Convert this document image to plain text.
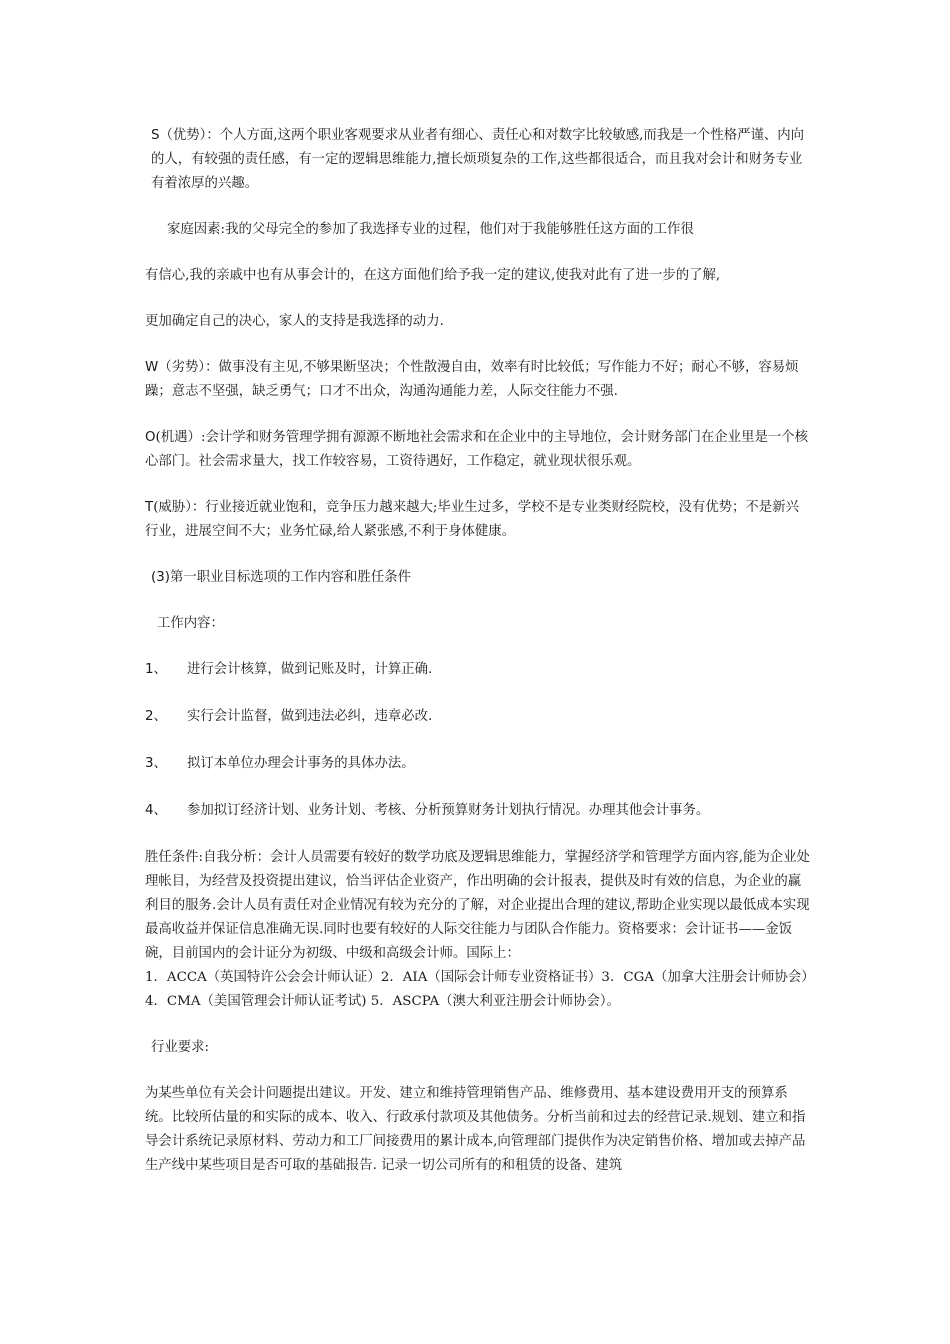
S（优势）：个人方面,这两个职业客观要求从业者有细心、责任心和对数字比较敏感,而我是一个性格严谨、内向的人，有较强的责任感，有一定的逻辑思维能力,擅长烦琐复杂的工作,这些都很适合，而且我对会计和财务专业有着浓厚的兴趣。

家庭因素:我的父母完全的参加了我选择专业的过程，他们对于我能够胜任这方面的工作很

有信心,我的亲戚中也有从事会计的，在这方面他们给予我一定的建议,使我对此有了进一步的了解,

更加确定自己的决心，家人的支持是我选择的动力.

W（劣势）：做事没有主见,不够果断坚决；个性散漫自由，效率有时比较低；写作能力不好；耐心不够，容易烦躁；意志不坚强，缺乏勇气；口才不出众，沟通沟通能力差，人际交往能力不强.

O(机遇）:会计学和财务管理学拥有源源不断地社会需求和在企业中的主导地位，会计财务部门在企业里是一个核心部门。社会需求量大，找工作较容易，工资待遇好，工作稳定，就业现状很乐观。

T(威胁）：行业接近就业饱和，竞争压力越来越大;毕业生过多，学校不是专业类财经院校，没有优势；不是新兴行业，进展空间不大；业务忙碌,给人紧张感,不利于身体健康。

(3)第一职业目标选项的工作内容和胜任条件

工作内容：

1、	进行会计核算，做到记账及时，计算正确.
2、	实行会计监督，做到违法必纠，违章必改.
3、	拟订本单位办理会计事务的具体办法。
4、	参加拟订经济计划、业务计划、考核、分析预算财务计划执行情况。办理其他会计事务。

胜任条件:自我分析：会计人员需要有较好的数学功底及逻辑思维能力，掌握经济学和管理学方面内容,能为企业处理帐目，为经营及投资提出建议，恰当评估企业资产，作出明确的会计报表，提供及时有效的信息，为企业的赢利目的服务.会计人员有责任对企业情况有较为充分的了解，对企业提出合理的建议,帮助企业实现以最低成本实现最高收益并保证信息准确无误.同时也要有较好的人际交往能力与团队合作能力。资格要求：会计证书——金饭碗，目前国内的会计证分为初级、中级和高级会计师。国际上：

1．ACCA（英国特许公会会计师认证）2．AIA（国际会计师专业资格证书）3．CGA（加拿大注册会计师协会）4．CMA（美国管理会计师认证考试) 5．ASCPA（澳大利亚注册会计师协会）。

行业要求:

为某些单位有关会计问题提出建议。开发、建立和维持管理销售产品、维修费用、基本建设费用开支的预算系统。比较所估量的和实际的成本、收入、行政承付款项及其他债务。分析当前和过去的经营记录.规划、建立和指导会计系统记录原材料、劳动力和工厂间接费用的累计成本,向管理部门提供作为决定销售价格、增加或去掉产品生产线中某些项目是否可取的基础报告. 记录一切公司所有的和租赁的设备、建筑
